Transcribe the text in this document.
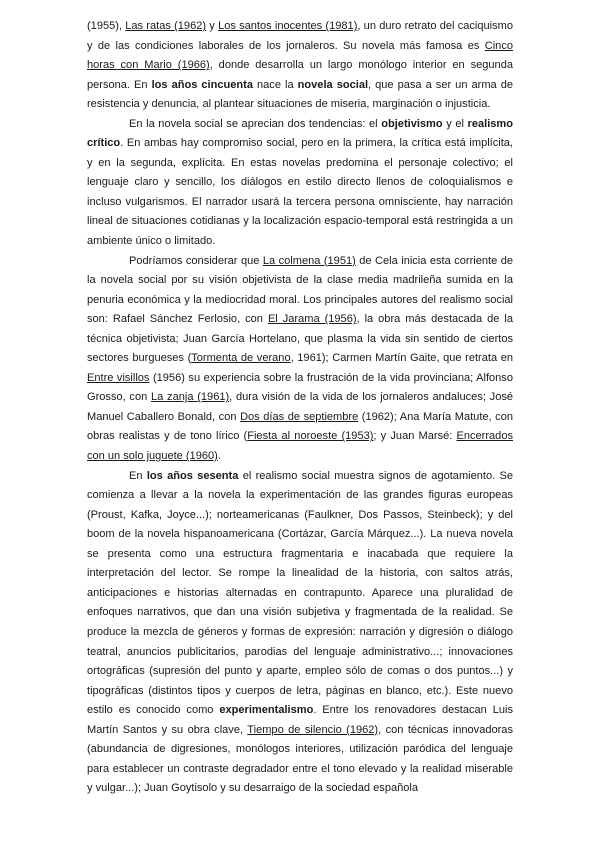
(1955), Las ratas (1962) y Los santos inocentes (1981), un duro retrato del caciquismo y de las condiciones laborales de los jornaleros. Su novela más famosa es Cinco horas con Mario (1966), donde desarrolla un largo monólogo interior en segunda persona. En los años cincuenta nace la novela social, que pasa a ser un arma de resistencia y denuncia, al plantear situaciones de miseria, marginación o injusticia.

En la novela social se aprecian dos tendencias: el objetivismo y el realismo crítico. En ambas hay compromiso social, pero en la primera, la crítica está implícita, y en la segunda, explícita. En estas novelas predomina el personaje colectivo; el lenguaje claro y sencillo, los diálogos en estilo directo llenos de coloquialismos e incluso vulgarismos. El narrador usará la tercera persona omnisciente, hay narración lineal de situaciones cotidianas y la localización espacio-temporal está restringida a un ambiente único o limitado.

Podríamos considerar que La colmena (1951) de Cela inicia esta corriente de la novela social por su visión objetivista de la clase media madrileña sumida en la penuria económica y la mediocridad moral. Los principales autores del realismo social son: Rafael Sánchez Ferlosio, con El Jarama (1956), la obra más destacada de la técnica objetivista; Juan García Hortelano, que plasma la vida sin sentido de ciertos sectores burgueses (Tormenta de verano, 1961); Carmen Martín Gaite, que retrata en Entre visillos (1956) su experiencia sobre la frustración de la vida provinciana; Alfonso Grosso, con La zanja (1961), dura visión de la vida de los jornaleros andaluces; José Manuel Caballero Bonald, con Dos días de septiembre (1962); Ana María Matute, con obras realistas y de tono lírico (Fiesta al noroeste (1953); y Juan Marsé: Encerrados con un solo juguete (1960).

En los años sesenta el realismo social muestra signos de agotamiento. Se comienza a llevar a la novela la experimentación de las grandes figuras europeas (Proust, Kafka, Joyce...); norteamericanas (Faulkner, Dos Passos, Steinbeck); y del boom de la novela hispanoamericana (Cortázar, García Márquez...). La nueva novela se presenta como una estructura fragmentaria e inacabada que requiere la interpretación del lector. Se rompe la linealidad de la historia, con saltos atrás, anticipaciones e historias alternadas en contrapunto. Aparece una pluralidad de enfoques narrativos, que dan una visión subjetiva y fragmentada de la realidad. Se produce la mezcla de géneros y formas de expresión: narración y digresión o diálogo teatral, anuncios publicitarios, parodias del lenguaje administrativo...; innovaciones ortográficas (supresión del punto y aparte, empleo sólo de comas o dos puntos...) y tipográficas (distintos tipos y cuerpos de letra, páginas en blanco, etc.). Este nuevo estilo es conocido como experimentalismo. Entre los renovadores destacan Luis Martín Santos y su obra clave, Tiempo de silencio (1962), con técnicas innovadoras (abundancia de digresiones, monólogos interiores, utilización paródica del lenguaje para establecer un contraste degradador entre el tono elevado y la realidad miserable y vulgar...); Juan Goytisolo y su desarraigo de la sociedad española
